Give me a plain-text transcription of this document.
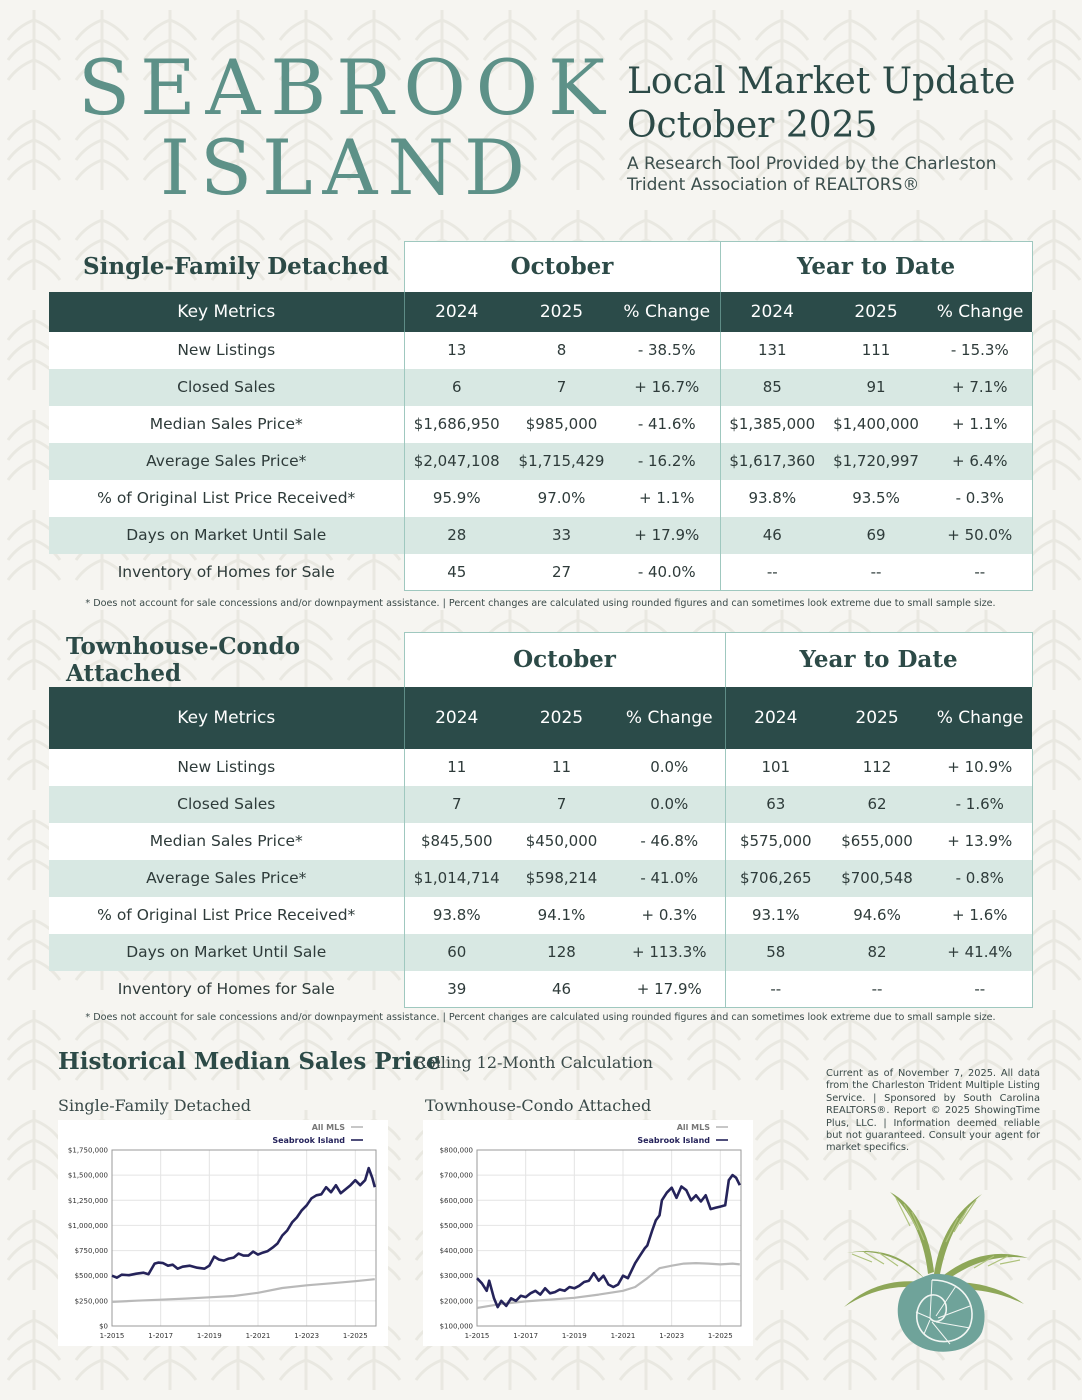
SEABROOK
ISLAND
Local Market Update
October 2025
A Research Tool Provided by the Charleston Trident Association of REALTORS®
Single-Family Detached	October			Year to Date		
Key Metrics	2024	2025	% Change	2024	2025	% Change
New Listings	13	8	- 38.5%	131	111	- 15.3%
Closed Sales	6	7	+ 16.7%	85	91	+ 7.1%
Median Sales Price*	$1,686,950	$985,000	- 41.6%	$1,385,000	$1,400,000	+ 1.1%
Average Sales Price*	$2,047,108	$1,715,429	- 16.2%	$1,617,360	$1,720,997	+ 6.4%
% of Original List Price Received*	95.9%	97.0%	+ 1.1%	93.8%	93.5%	- 0.3%
Days on Market Until Sale	28	33	+ 17.9%	46	69	+ 50.0%
Inventory of Homes for Sale	45	27	- 40.0%	--	--	--
* Does not account for sale concessions and/or downpayment assistance. | Percent changes are calculated using rounded figures and can sometimes look extreme due to small sample size.
Townhouse-Condo Attached	October			Year to Date		
Key Metrics	2024	2025	% Change	2024	2025	% Change
New Listings	11	11	0.0%	101	112	+ 10.9%
Closed Sales	7	7	0.0%	63	62	- 1.6%
Median Sales Price*	$845,500	$450,000	- 46.8%	$575,000	$655,000	+ 13.9%
Average Sales Price*	$1,014,714	$598,214	- 41.0%	$706,265	$700,548	- 0.8%
% of Original List Price Received*	93.8%	94.1%	+ 0.3%	93.1%	94.6%	+ 1.6%
Days on Market Until Sale	60	128	+ 113.3%	58	82	+ 41.4%
Inventory of Homes for Sale	39	46	+ 17.9%	--	--	--
* Does not account for sale concessions and/or downpayment assistance. | Percent changes are calculated using rounded figures and can sometimes look extreme due to small sample size.
Historical Median Sales Price
Rolling 12-Month Calculation
Single-Family Detached	Townhouse-Condo Attached
$0
$250,000
$500,000
$750,000
$1,000,000
$1,250,000
$1,500,000
$1,750,000
1-2015	1-2017	1-2019	1-2021	1-2023	1-2025
All MLS
Seabrook Island
$100,000
$200,000
$300,000
$400,000
$500,000
$600,000
$700,000
$800,000
1-2015	1-2017	1-2019	1-2021	1-2023	1-2025
All MLS
Seabrook Island
Current as of November 7, 2025. All data from the Charleston Trident Multiple Listing Service. | Sponsored by South Carolina REALTORS®. Report © 2025 ShowingTime Plus, LLC. | Information deemed reliable but not guaranteed. Consult your agent for market specifics.
